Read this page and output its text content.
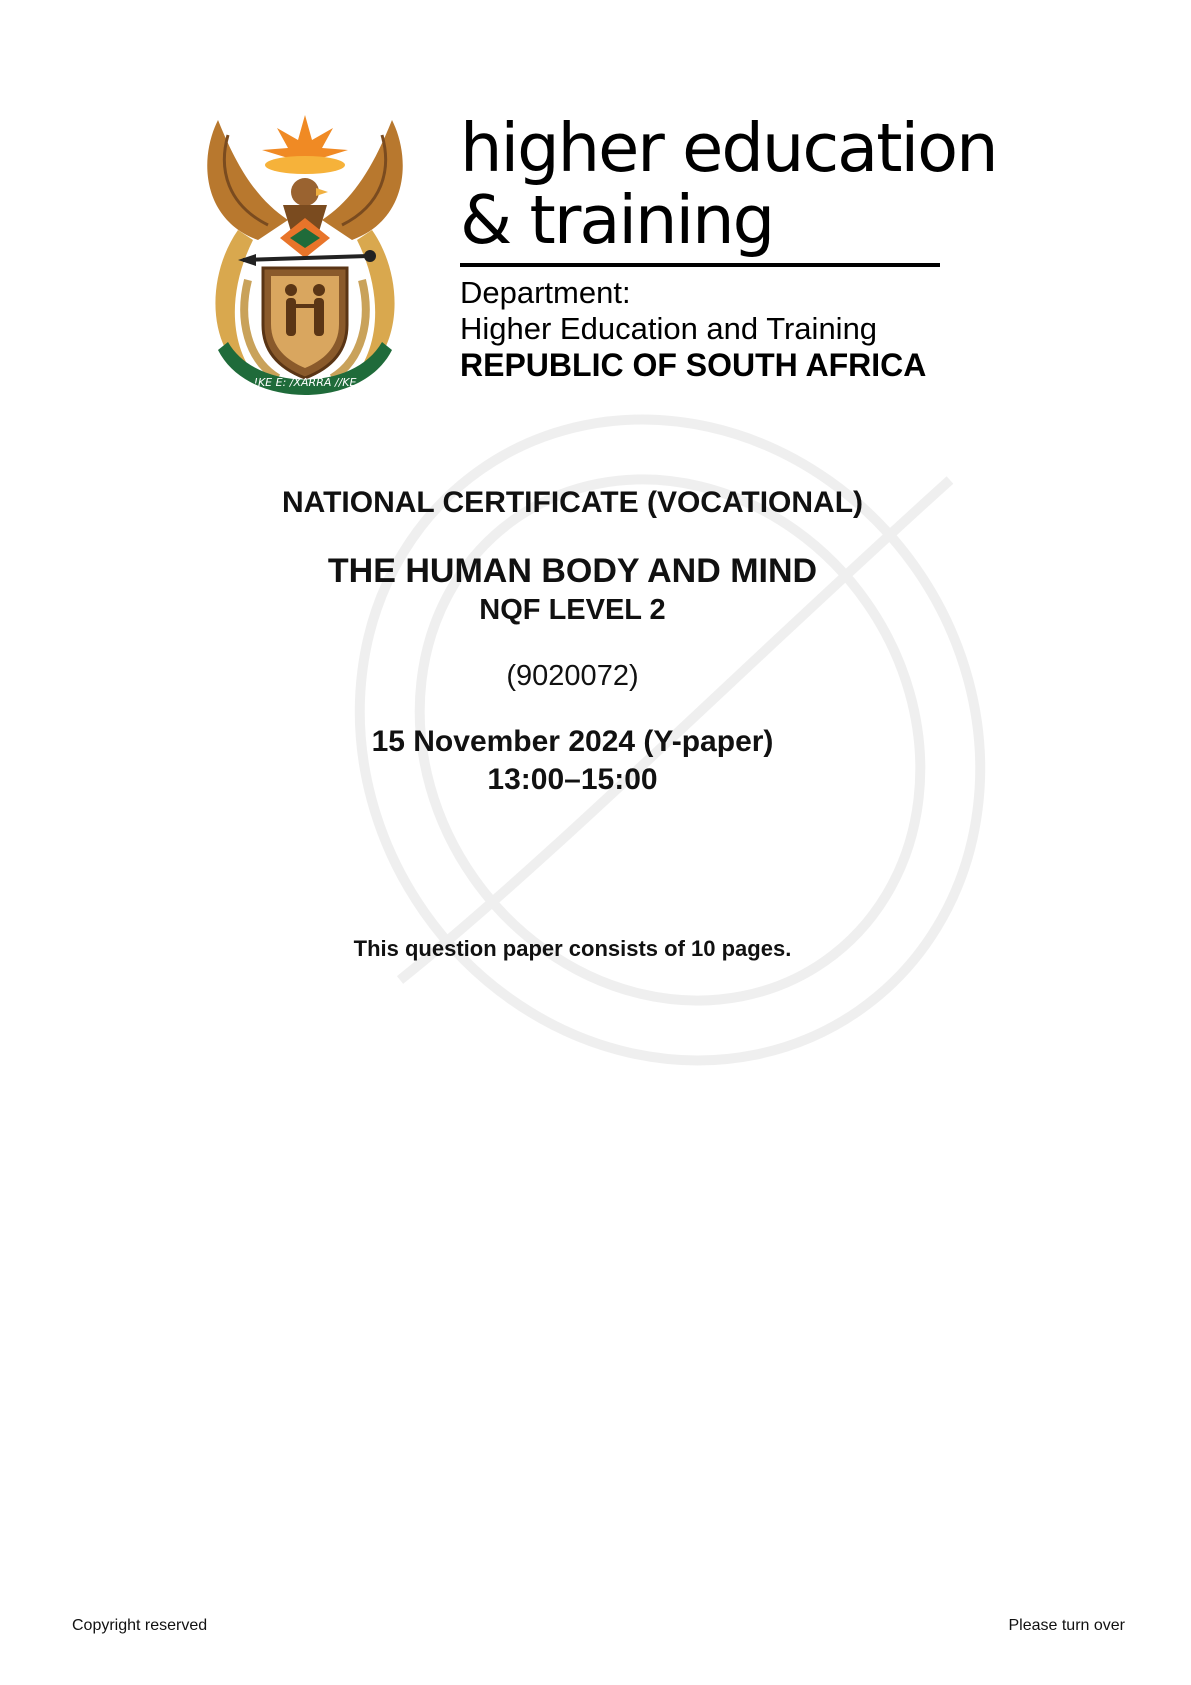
!KE E: /XARRA //KE
higher education
& training
Department:
Higher Education and Training
REPUBLIC OF SOUTH AFRICA
NATIONAL CERTIFICATE (VOCATIONAL)
THE HUMAN BODY AND MIND
NQF LEVEL 2
(9020072)
15 November 2024 (Y-paper)
13:00–15:00
This question paper consists of 10 pages.
Copyright reserved	Please turn over
